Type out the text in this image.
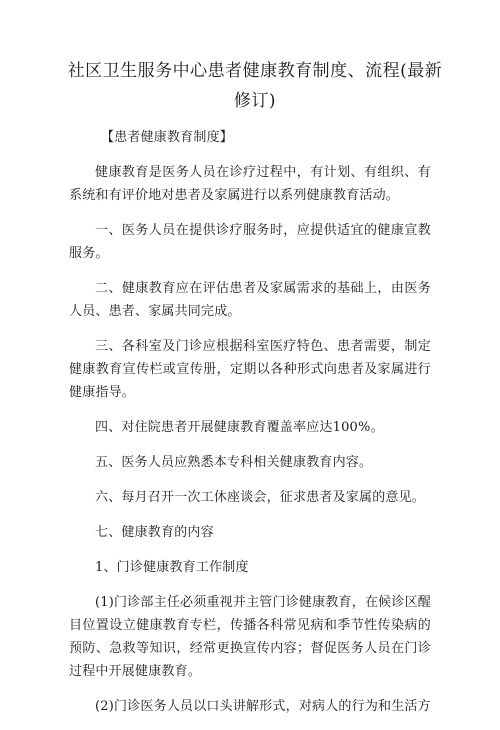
社区卫生服务中心患者健康教育制度、流程(最新修订)

【患者健康教育制度】

健康教育是医务人员在诊疗过程中，有计划、有组织、有系统和有评价地对患者及家属进行以系列健康教育活动。

一、医务人员在提供诊疗服务时，应提供适宜的健康宣教服务。

二、健康教育应在评估患者及家属需求的基础上，由医务人员、患者、家属共同完成。

三、各科室及门诊应根据科室医疗特色、患者需要，制定健康教育宣传栏或宣传册，定期以各种形式向患者及家属进行健康指导。

四、对住院患者开展健康教育覆盖率应达100%。

五、医务人员应熟悉本专科相关健康教育内容。

六、每月召开一次工休座谈会，征求患者及家属的意见。

七、健康教育的内容

1、门诊健康教育工作制度

(1)门诊部主任必须重视并主管门诊健康教育，在候诊区醒目位置设立健康教育专栏，传播各科常见病和季节性传染病的预防、急救等知识，经常更换宣传内容；督促医务人员在门诊过程中开展健康教育。

(2)门诊医务人员以口头讲解形式，对病人的行为和生活方
